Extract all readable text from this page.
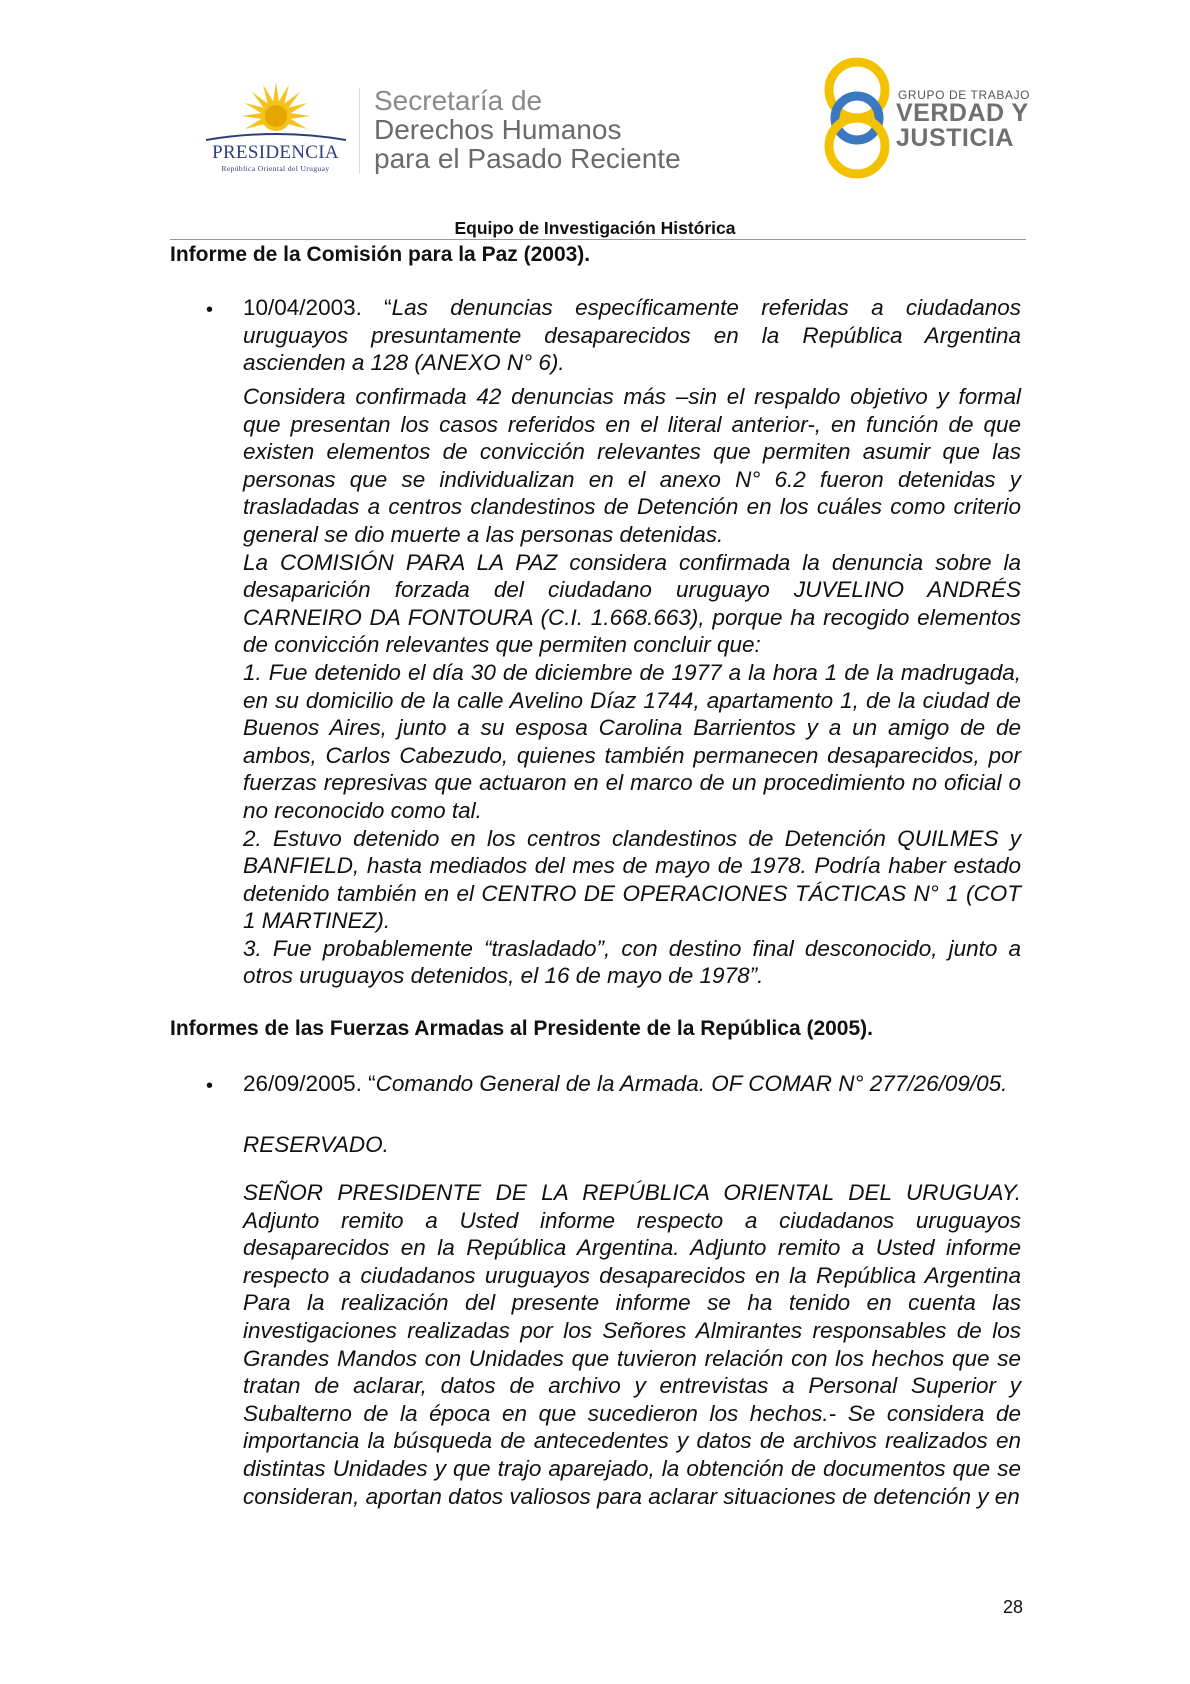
PRESIDENCIA
República Oriental del Uruguay
Secretaría de
Derechos Humanos
para el Pasado Reciente
GRUPO DE TRABAJO
VERDAD Y
JUSTICIA
Equipo de Investigación Histórica
Informe de la Comisión para la Paz (2003).
• 10/04/2003. “Las denuncias específicamente referidas a ciudadanos uruguayos presuntamente desaparecidos en la República Argentina ascienden a 128 (ANEXO N° 6).
Considera confirmada 42 denuncias más –sin el respaldo objetivo y formal que presentan los casos referidos en el literal anterior-, en función de que existen elementos de convicción relevantes que permiten asumir que las personas que se individualizan en el anexo N° 6.2 fueron detenidas y trasladadas a centros clandestinos de Detención en los cuáles como criterio general se dio muerte a las personas detenidas.
La COMISIÓN PARA LA PAZ considera confirmada la denuncia sobre la desaparición forzada del ciudadano uruguayo JUVELINO ANDRÉS CARNEIRO DA FONTOURA (C.I. 1.668.663), porque ha recogido elementos de convicción relevantes que permiten concluir que:
1. Fue detenido el día 30 de diciembre de 1977 a la hora 1 de la madrugada, en su domicilio de la calle Avelino Díaz 1744, apartamento 1, de la ciudad de Buenos Aires, junto a su esposa Carolina Barrientos y a un amigo de de ambos, Carlos Cabezudo, quienes también permanecen desaparecidos, por fuerzas represivas que actuaron en el marco de un procedimiento no oficial o no reconocido como tal.
2. Estuvo detenido en los centros clandestinos de Detención QUILMES y BANFIELD, hasta mediados del mes de mayo de 1978. Podría haber estado detenido también en el CENTRO DE OPERACIONES TÁCTICAS N° 1 (COT 1 MARTINEZ).
3. Fue probablemente “trasladado”, con destino final desconocido, junto a otros uruguayos detenidos, el 16 de mayo de 1978”.
Informes de las Fuerzas Armadas al Presidente de la República (2005).
• 26/09/2005. “Comando General de la Armada. OF COMAR N° 277/26/09/05.
RESERVADO.
SEÑOR PRESIDENTE DE LA REPÚBLICA ORIENTAL DEL URUGUAY. Adjunto remito a Usted informe respecto a ciudadanos uruguayos desaparecidos en la República Argentina. Adjunto remito a Usted informe respecto a ciudadanos uruguayos desaparecidos en la República Argentina Para la realización del presente informe se ha tenido en cuenta las investigaciones realizadas por los Señores Almirantes responsables de los Grandes Mandos con Unidades que tuvieron relación con los hechos que se tratan de aclarar, datos de archivo y entrevistas a Personal Superior y Subalterno de la época en que sucedieron los hechos.- Se considera de importancia la búsqueda de antecedentes y datos de archivos realizados en distintas Unidades y que trajo aparejado, la obtención de documentos que se consideran, aportan datos valiosos para aclarar situaciones de detención y en
28
